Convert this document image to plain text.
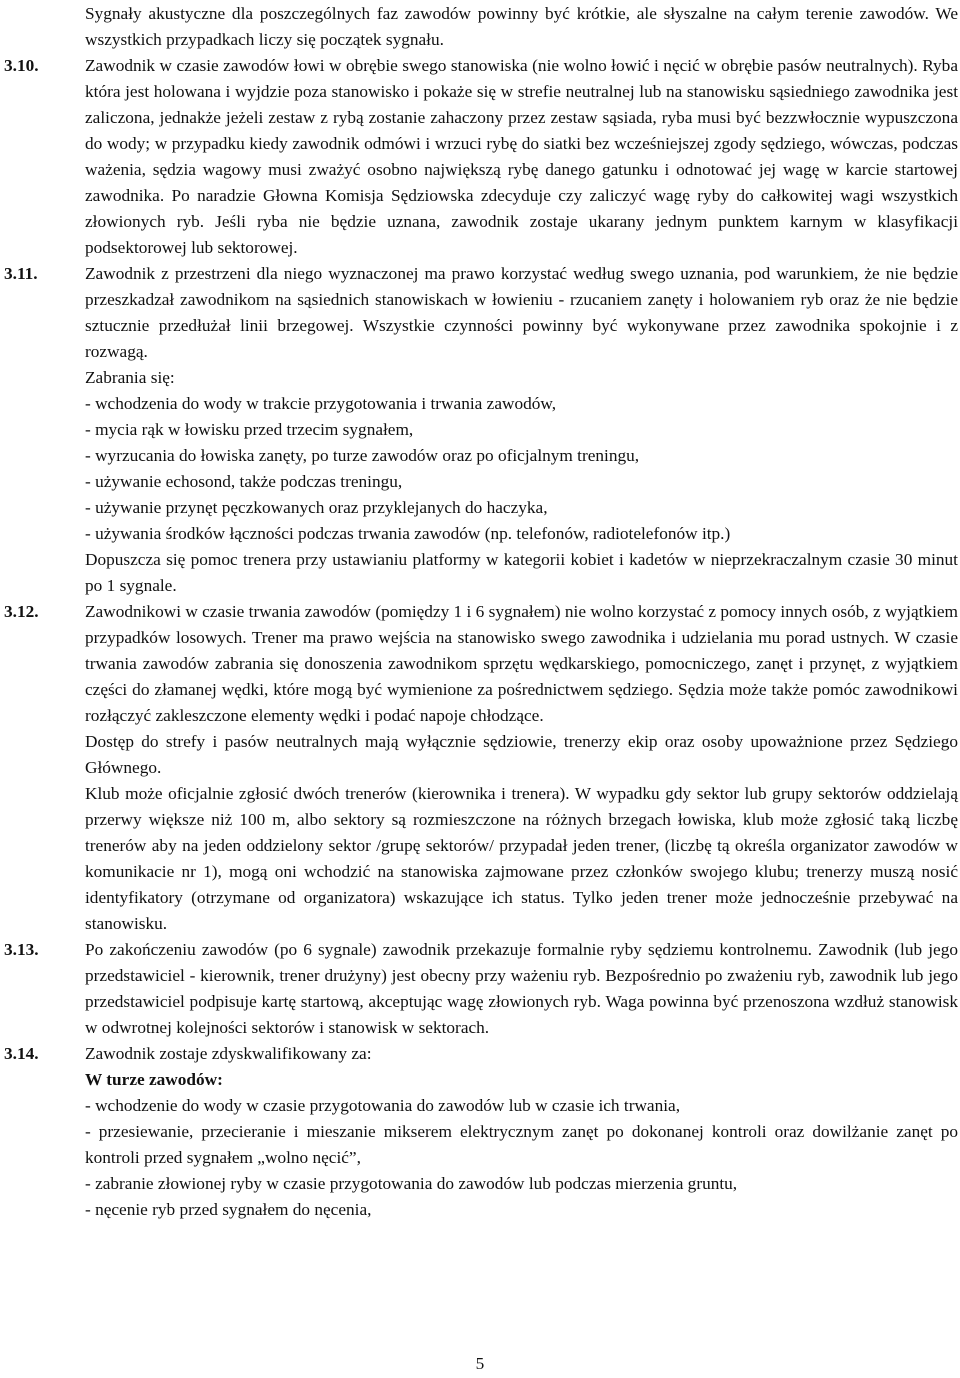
Sygnały akustyczne dla poszczególnych faz zawodów powinny być krótkie, ale słyszalne na całym terenie zawodów. We wszystkich przypadkach liczy się początek sygnału.

3.10.	Zawodnik w czasie zawodów łowi w obrębie swego stanowiska (nie wolno łowić i nęcić w obrębie pasów neutralnych). Ryba która jest holowana i wyjdzie poza stanowisko i pokaże się w strefie neutralnej lub na stanowisku sąsiedniego zawodnika jest zaliczona, jednakże jeżeli zestaw z rybą zostanie zahaczony przez zestaw sąsiada, ryba musi być bezzwłocznie wypuszczona do wody; w przypadku kiedy zawodnik odmówi i wrzuci rybę do siatki bez wcześniejszej zgody sędziego, wówczas, podczas ważenia, sędzia wagowy musi zważyć osobno największą rybę danego gatunku i odnotować jej wagę w karcie startowej zawodnika. Po naradzie Głowna Komisja Sędziowska zdecyduje czy zaliczyć wagę ryby do całkowitej wagi wszystkich złowionych ryb. Jeśli ryba nie będzie uznana, zawodnik zostaje ukarany jednym punktem karnym w klasyfikacji podsektorowej lub sektorowej.

3.11.	Zawodnik z przestrzeni dla niego wyznaczonej ma prawo korzystać według swego uznania, pod warunkiem, że nie będzie przeszkadzał zawodnikom na sąsiednich stanowiskach w łowieniu - rzucaniem zanęty i holowaniem ryb oraz że nie będzie sztucznie przedłużał linii brzegowej. Wszystkie czynności powinny być wykonywane przez zawodnika spokojnie i z rozwagą.

Zabrania się:

- wchodzenia do wody w trakcie przygotowania i trwania zawodów,

- mycia rąk w łowisku przed trzecim sygnałem,

- wyrzucania do łowiska zanęty, po turze zawodów oraz po oficjalnym treningu,

- używanie echosond, także podczas treningu,

- używanie przynęt pęczkowanych oraz przyklejanych do haczyka,

- używania środków łączności podczas trwania zawodów (np. telefonów, radiotelefonów itp.)

Dopuszcza się pomoc trenera przy ustawianiu platformy w kategorii kobiet i kadetów w nieprzekraczalnym czasie 30 minut po 1 sygnale.

3.12.	Zawodnikowi w czasie trwania zawodów (pomiędzy 1 i 6 sygnałem) nie wolno korzystać z pomocy innych osób, z wyjątkiem przypadków losowych. Trener ma prawo wejścia na stanowisko swego zawodnika i udzielania mu porad ustnych. W czasie trwania zawodów zabrania się donoszenia zawodnikom sprzętu wędkarskiego, pomocniczego, zanęt i przynęt, z wyjątkiem części do złamanej wędki, które mogą być wymienione za pośrednictwem sędziego. Sędzia może także pomóc zawodnikowi rozłączyć zakleszczone elementy wędki i podać napoje chłodzące.

Dostęp do strefy i pasów neutralnych mają wyłącznie sędziowie, trenerzy ekip oraz osoby upoważnione przez Sędziego Głównego.

Klub może oficjalnie zgłosić dwóch trenerów (kierownika i trenera). W wypadku gdy sektor lub grupy sektorów oddzielają przerwy większe niż 100 m, albo sektory są rozmieszczone na różnych brzegach łowiska, klub może zgłosić taką liczbę trenerów aby na jeden oddzielony sektor /grupę sektorów/ przypadał jeden trener, (liczbę tą określa organizator zawodów w komunikacie nr 1), mogą oni wchodzić na stanowiska zajmowane przez członków swojego klubu; trenerzy muszą nosić identyfikatory (otrzymane od organizatora) wskazujące ich status. Tylko jeden trener może jednocześnie przebywać na stanowisku.

3.13.	Po zakończeniu zawodów (po 6 sygnale) zawodnik przekazuje formalnie ryby sędziemu kontrolnemu. Zawodnik (lub jego przedstawiciel - kierownik, trener drużyny) jest obecny przy ważeniu ryb. Bezpośrednio po zważeniu ryb, zawodnik lub jego przedstawiciel podpisuje kartę startową, akceptując wagę złowionych ryb. Waga powinna być przenoszona wzdłuż stanowisk w odwrotnej kolejności sektorów i stanowisk w sektorach.

3.14.	Zawodnik zostaje zdyskwalifikowany za:

W turze zawodów:

- wchodzenie do wody w czasie przygotowania do zawodów lub w czasie ich trwania,

- przesiewanie, przecieranie i mieszanie mikserem elektrycznym zanęt po dokonanej kontroli oraz dowilżanie zanęt po kontroli przed sygnałem „wolno nęcić”,

- zabranie złowionej ryby w czasie przygotowania do zawodów lub podczas mierzenia gruntu,

- nęcenie ryb przed sygnałem do nęcenia,

5
